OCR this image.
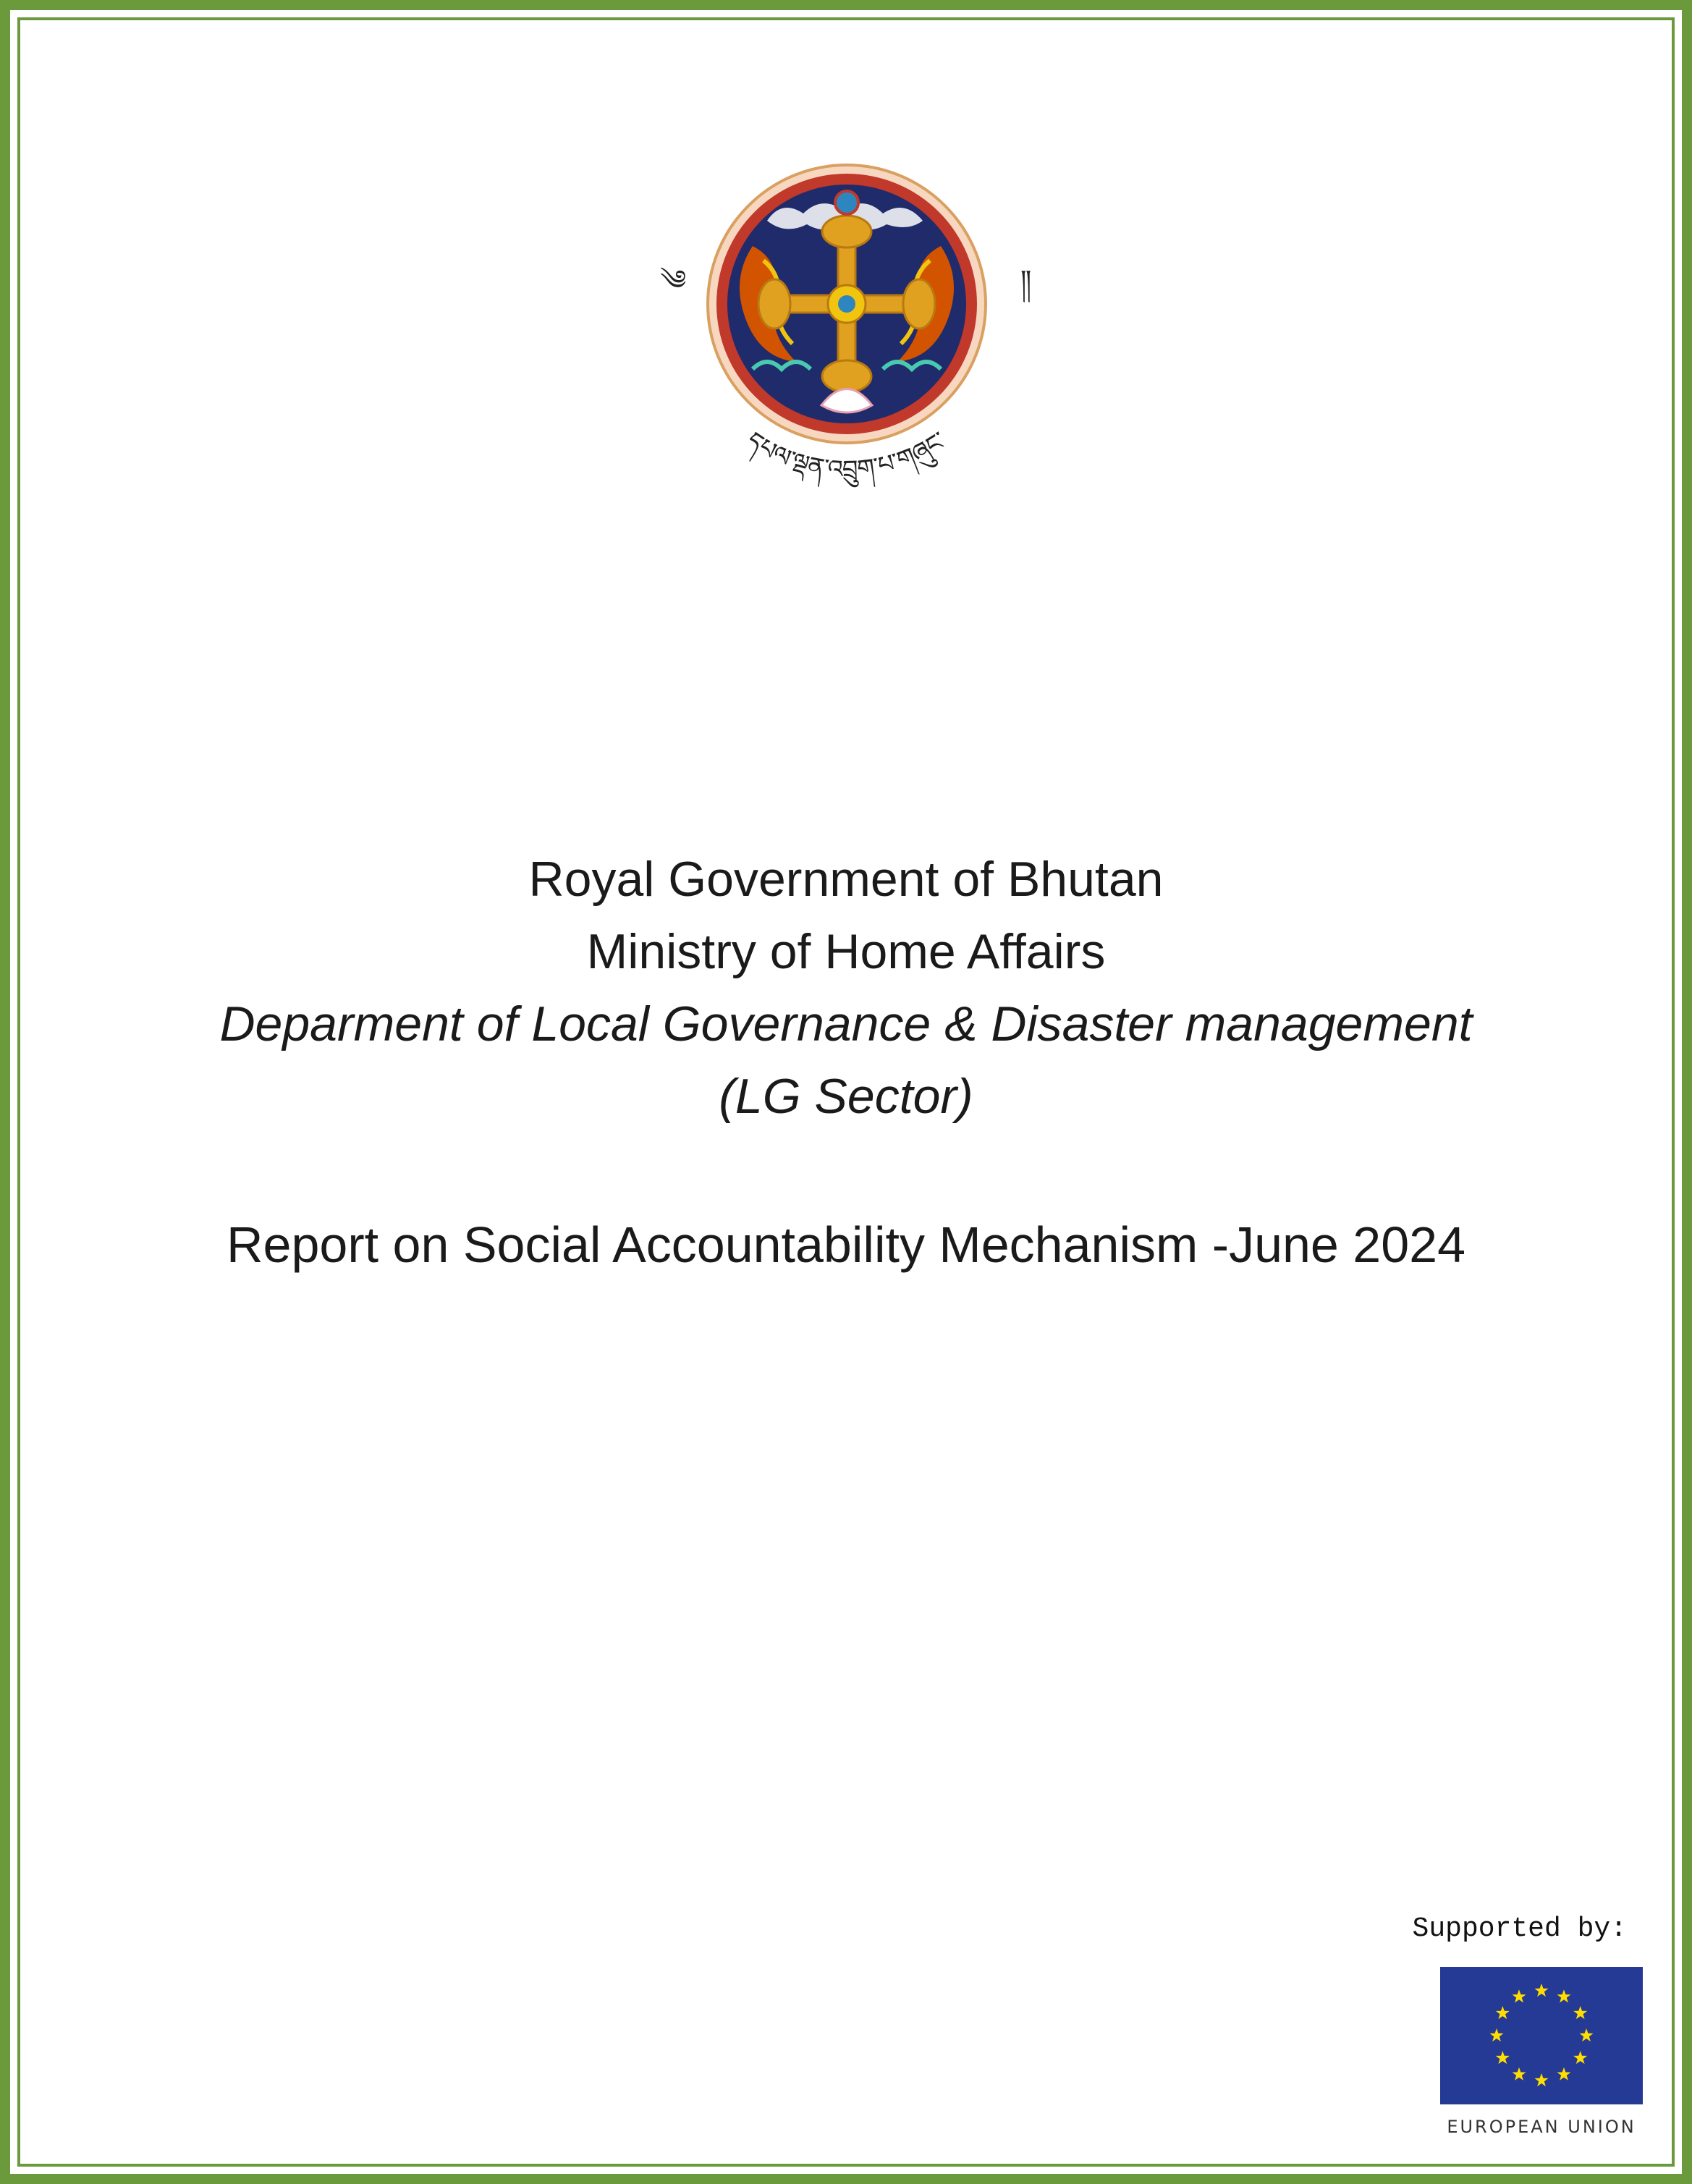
དཔལ་ལྡན་འབྲུག་པ་གཞུང་
༄	༎
Royal Government of Bhutan
Ministry of Home Affairs
Deparment of Local Governance & Disaster management
(LG Sector)
Report on Social Accountability Mechanism -June 2024
Supported by:
EUROPEAN UNION
